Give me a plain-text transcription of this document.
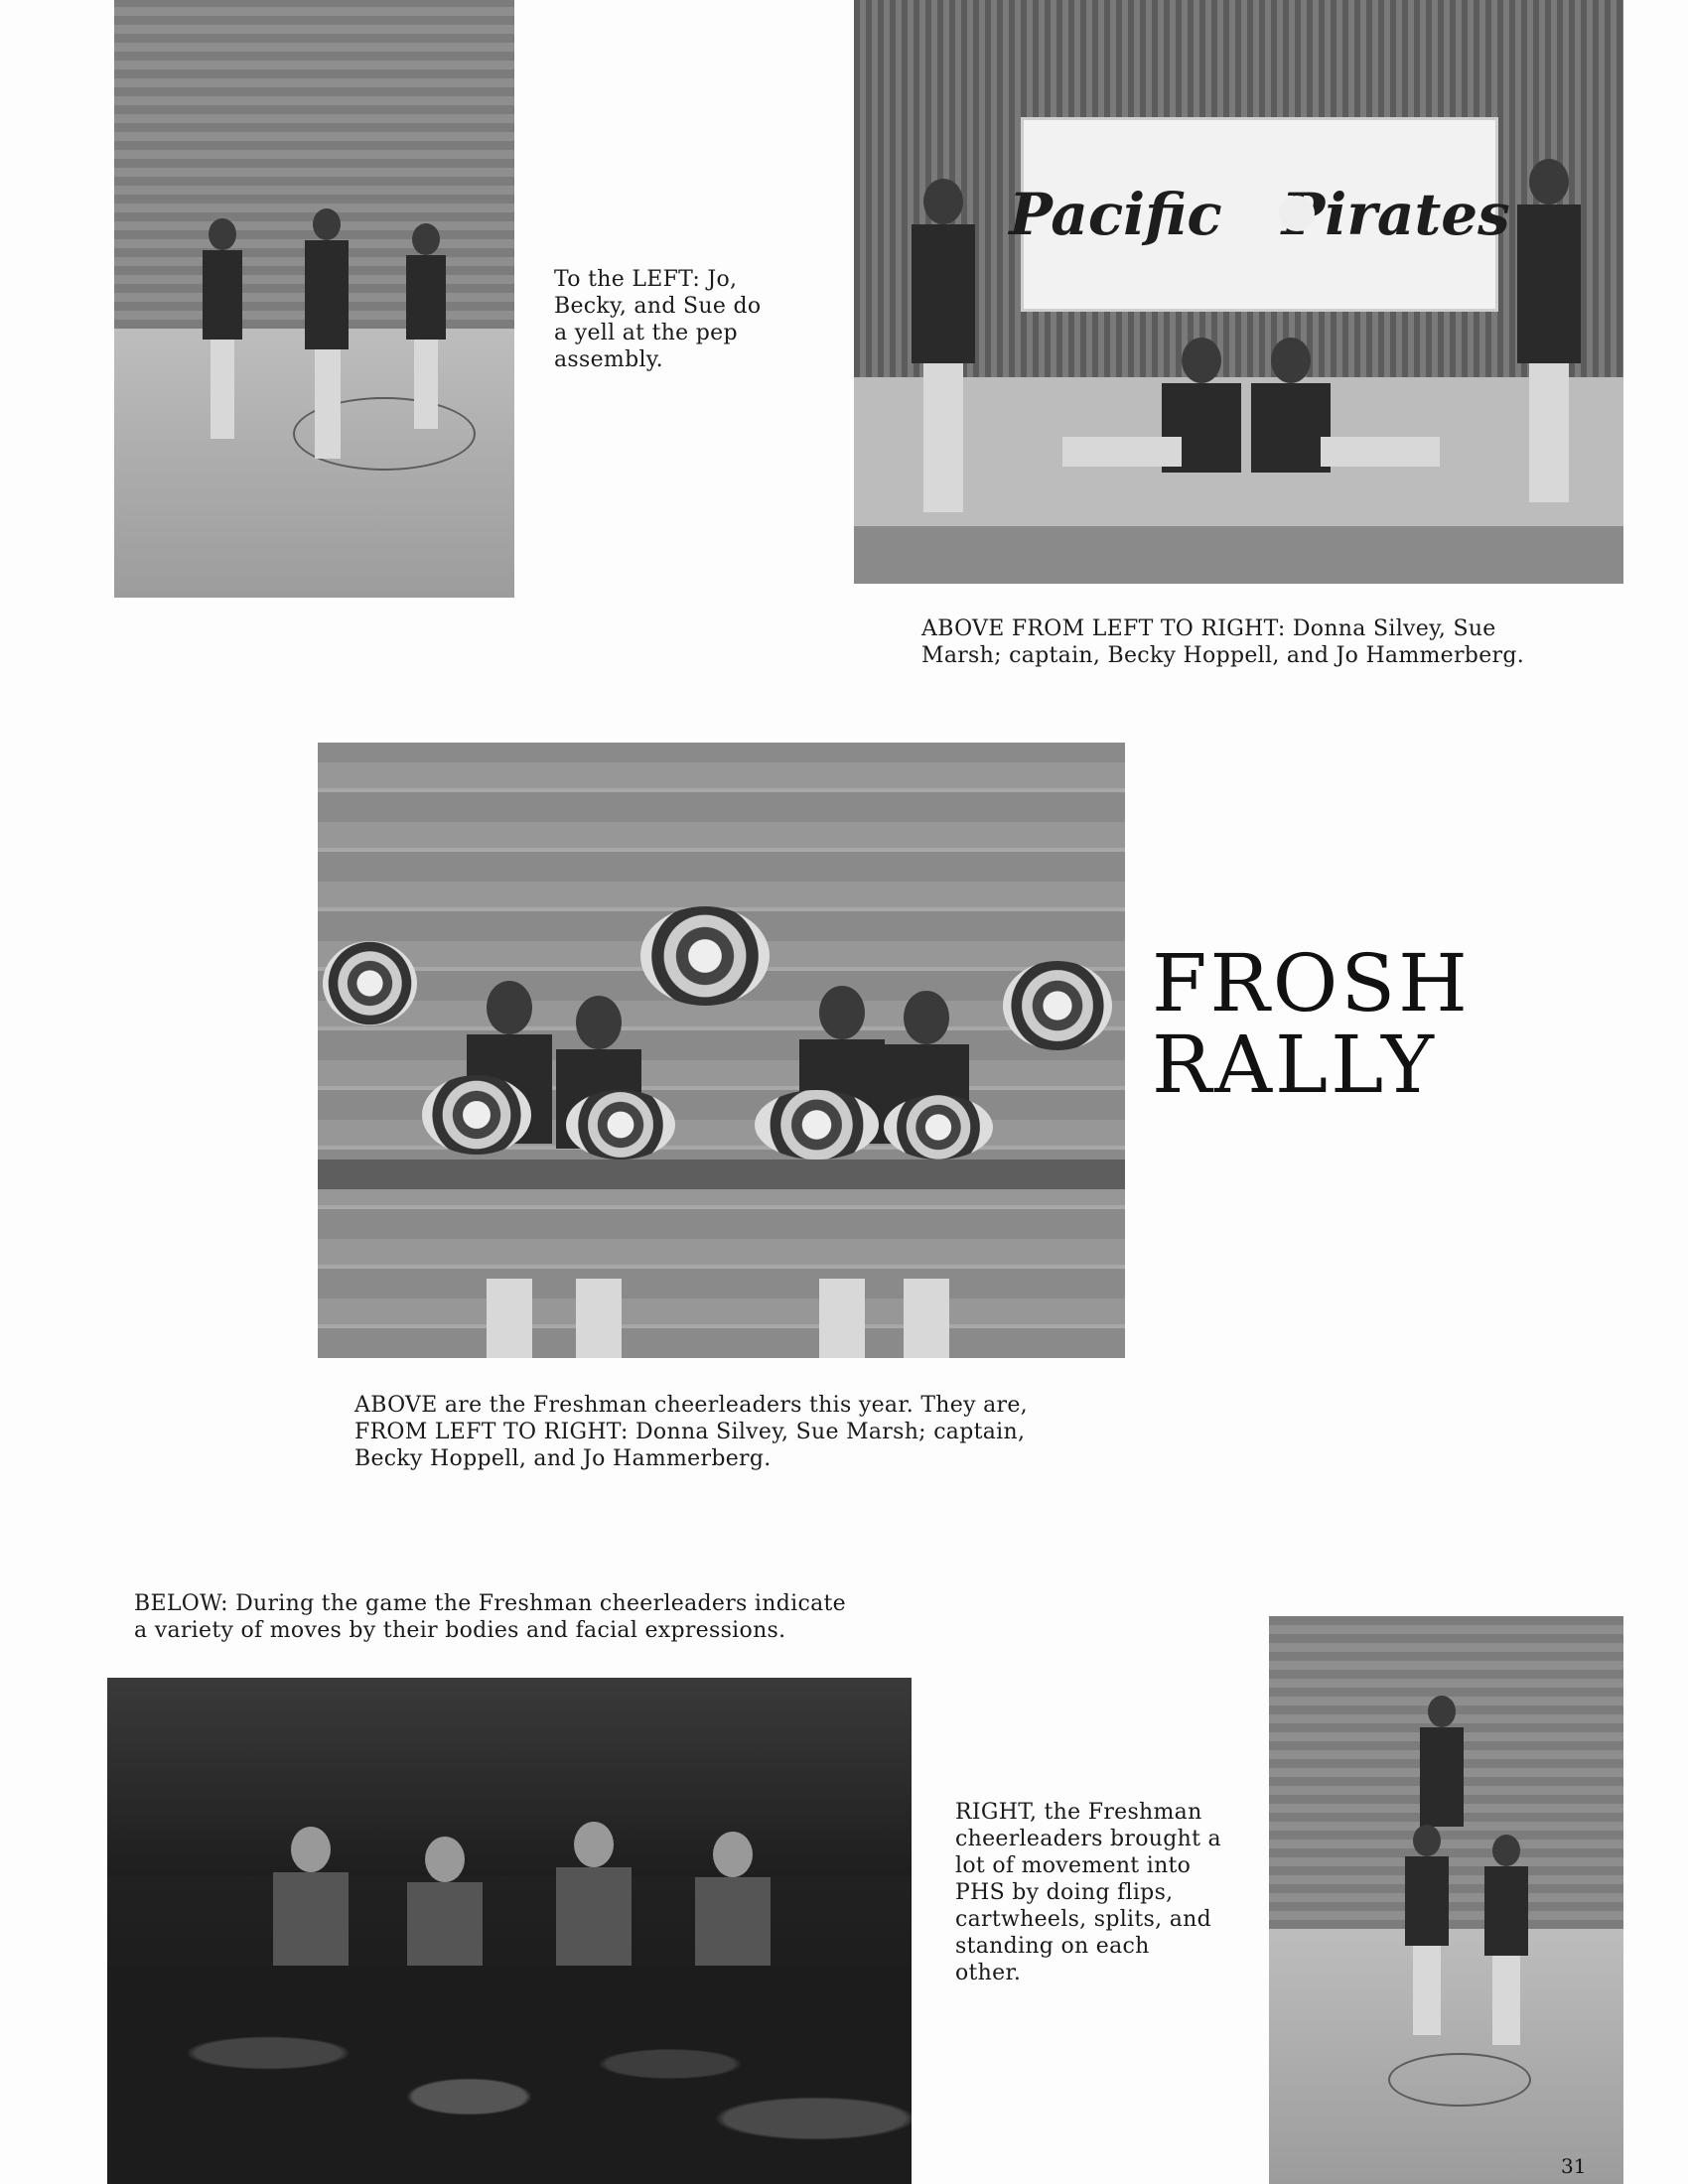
To the LEFT: Jo,
Becky, and Sue do
a yell at the pep
assembly.
Pacific Pirates
ABOVE FROM LEFT TO RIGHT: Donna Silvey, Sue
Marsh; captain, Becky Hoppell, and Jo Hammerberg.
FROSH
RALLY
ABOVE are the Freshman cheerleaders this year. They are,
FROM LEFT TO RIGHT: Donna Silvey, Sue Marsh; captain,
Becky Hoppell, and Jo Hammerberg.
BELOW: During the game the Freshman cheerleaders indicate
a variety of moves by their bodies and facial expressions.
RIGHT, the Freshman
cheerleaders brought a
lot of movement into
PHS by doing flips,
cartwheels, splits, and
standing on each
other.
31
